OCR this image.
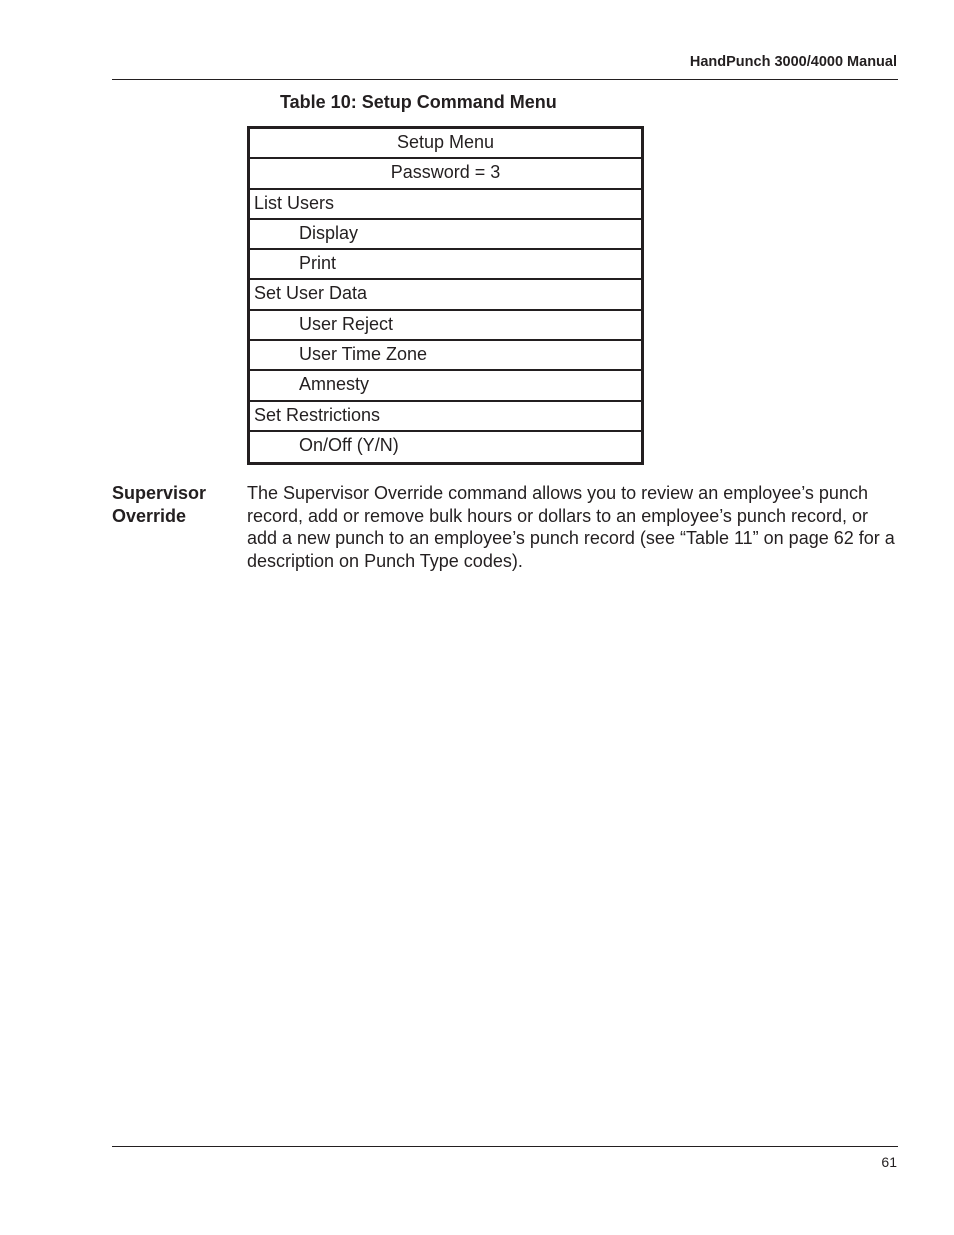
HandPunch 3000/4000 Manual
Table 10: Setup Command Menu
Setup Menu
Password = 3
List Users
Display
Print
Set User Data
User Reject
User Time Zone
Amnesty
Set Restrictions
On/Off (Y/N)
Supervisor
Override
The Supervisor Override command allows you to review an employee’s punch record, add or remove bulk hours or dollars to an employee’s punch record, or add a new punch to an employee’s punch record (see “Table 11” on page 62 for a description on Punch Type codes).
61
